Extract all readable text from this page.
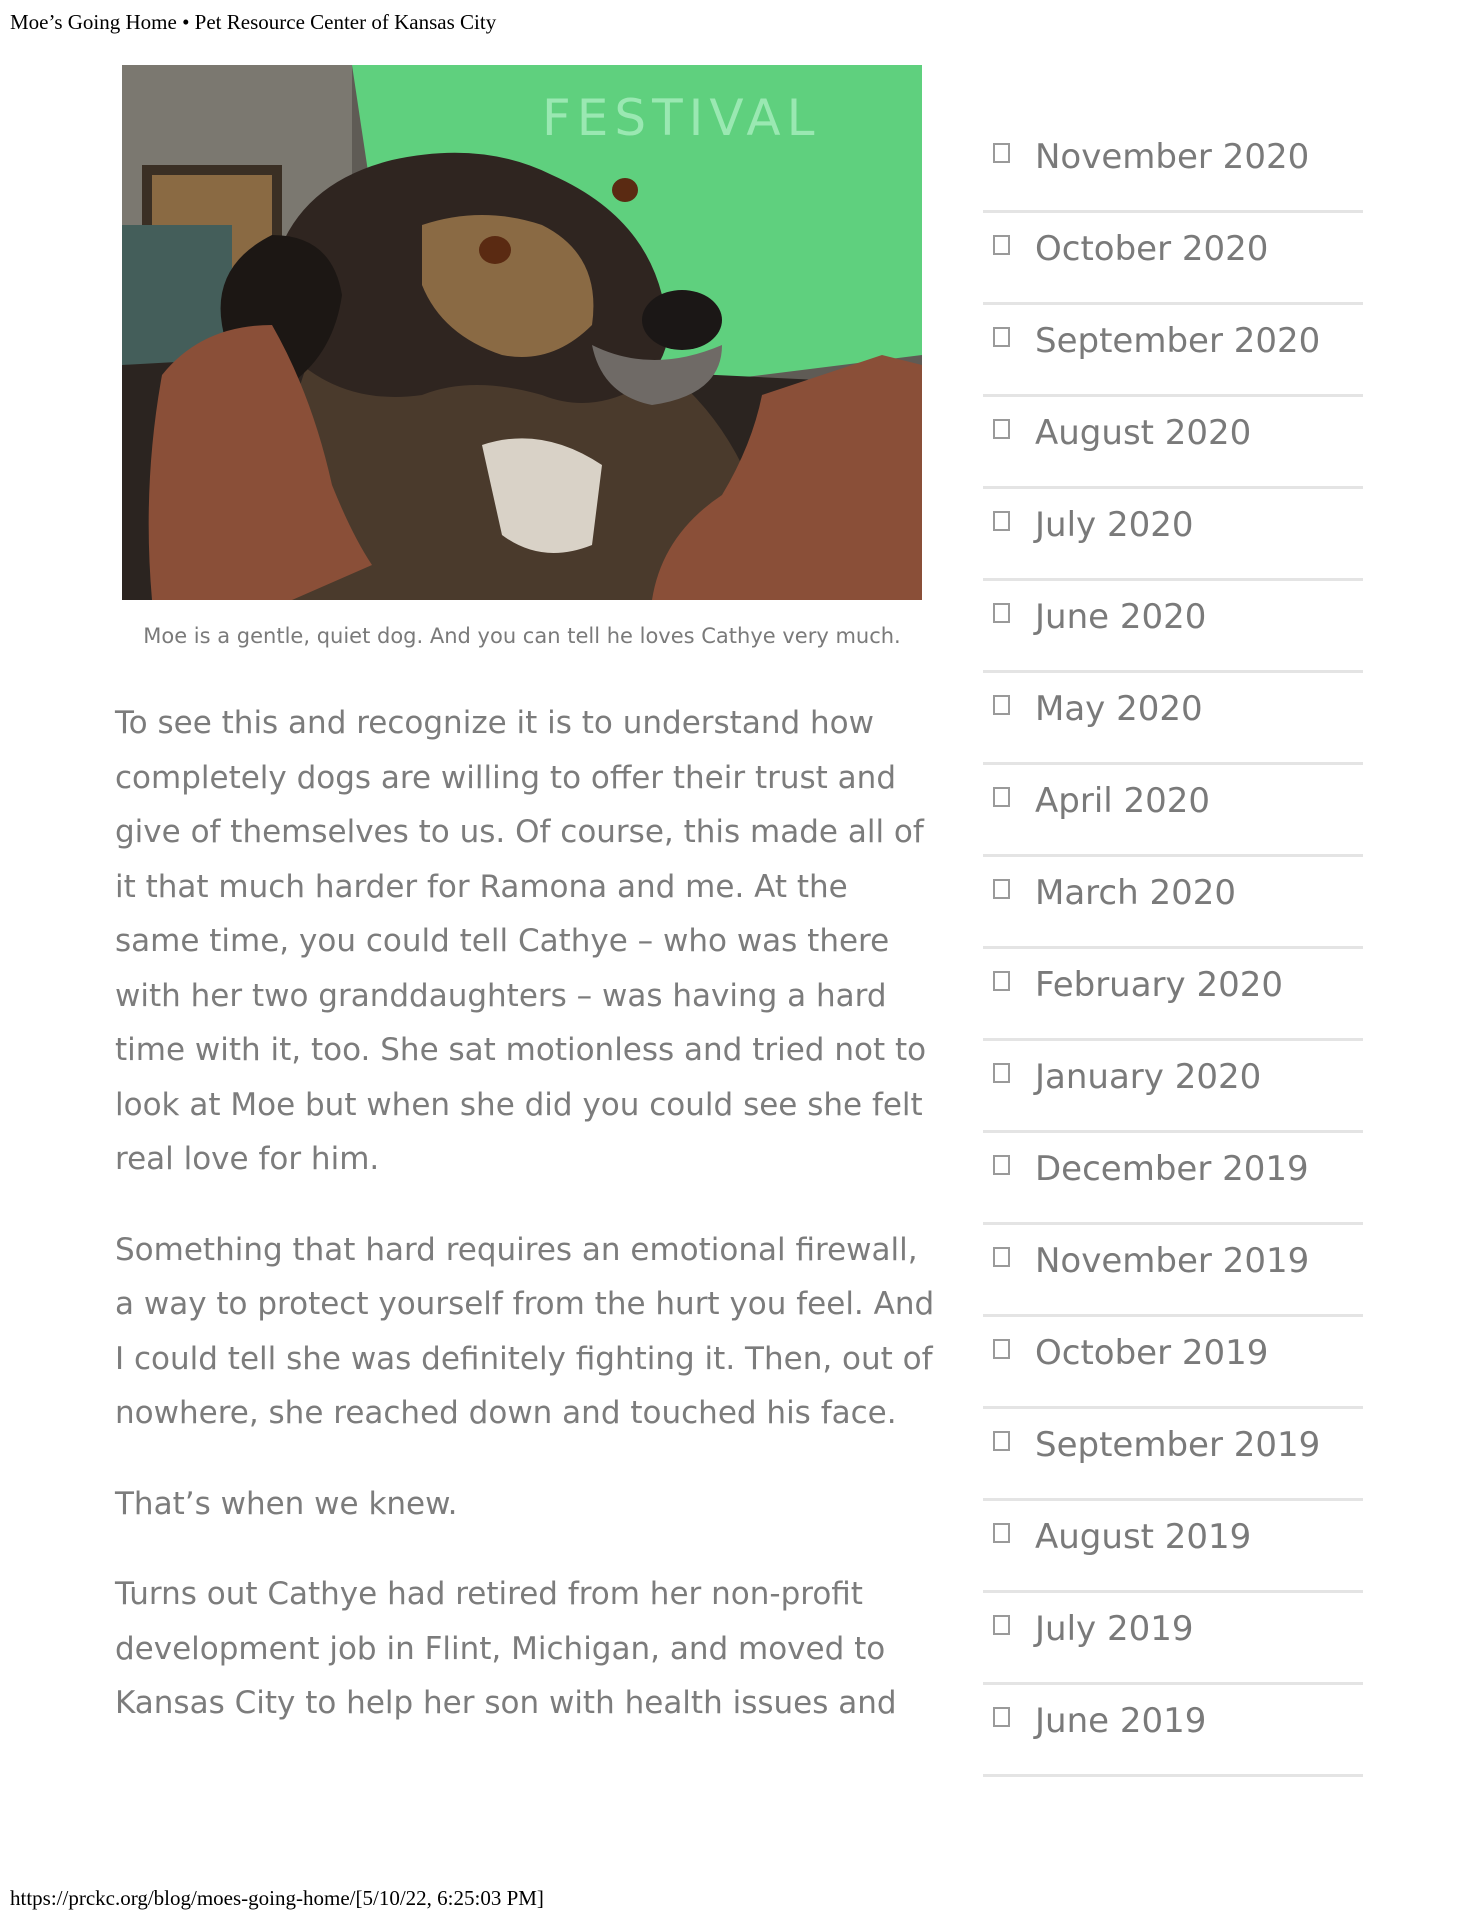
Moe’s Going Home • Pet Resource Center of Kansas City
FESTIVAL
Moe is a gentle, quiet dog. And you can tell he loves Cathye very much.

To see this and recognize it is to understand how completely dogs are willing to offer their trust and give of themselves to us. Of course, this made all of it that much harder for Ramona and me. At the same time, you could tell Cathye – who was there with her two granddaughters – was having a hard time with it, too. She sat motionless and tried not to look at Moe but when she did you could see she felt real love for him.

Something that hard requires an emotional firewall, a way to protect yourself from the hurt you feel. And I could tell she was definitely fighting it. Then, out of nowhere, she reached down and touched his face.

That’s when we knew.

Turns out Cathye had retired from her non-profit development job in Flint, Michigan, and moved to Kansas City to help her son with health issues and

November 2020
October 2020
September 2020
August 2020
July 2020
June 2020
May 2020
April 2020
March 2020
February 2020
January 2020
December 2019
November 2019
October 2019
September 2019
August 2019
July 2019
June 2019
https://prckc.org/blog/moes-going-home/[5/10/22, 6:25:03 PM]
